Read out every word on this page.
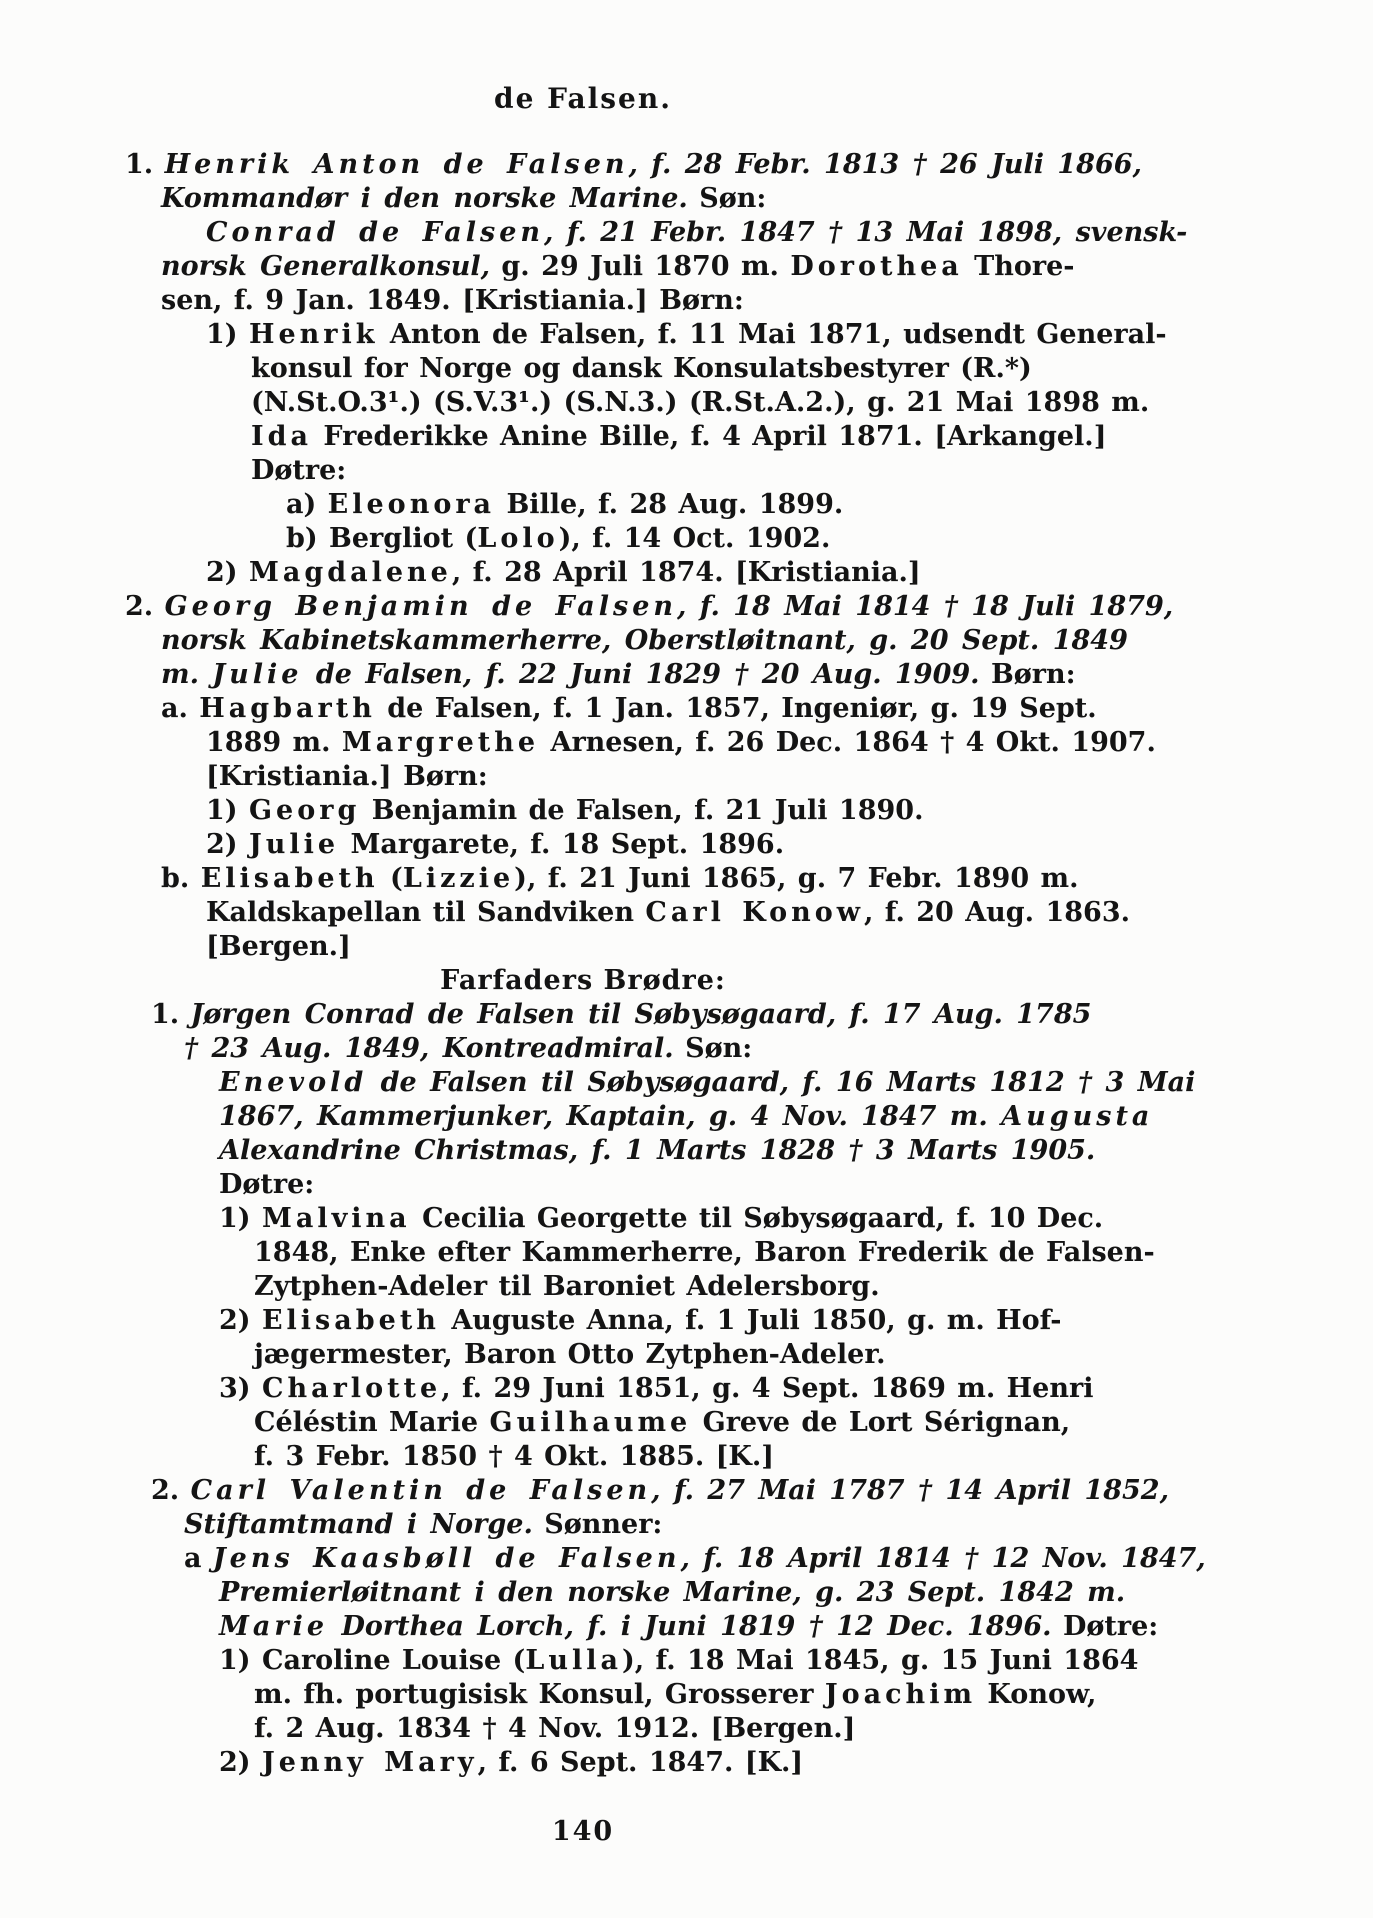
de Falsen.
1. Henrik Anton de Falsen, f. 28 Febr. 1813 † 26 Juli 1866,
Kommandør i den norske Marine. Søn:
Conrad de Falsen, f. 21 Febr. 1847 † 13 Mai 1898, svensk-
norsk Generalkonsul, g. 29 Juli 1870 m. Dorothea Thore-
sen, f. 9 Jan. 1849. [Kristiania.] Børn:
1) Henrik Anton de Falsen, f. 11 Mai 1871, udsendt General-
konsul for Norge og dansk Konsulatsbestyrer (R.*)
(N.St.O.3¹.) (S.V.3¹.) (S.N.3.) (R.St.A.2.), g. 21 Mai 1898 m.
Ida Frederikke Anine Bille, f. 4 April 1871. [Arkangel.]
Døtre:
a) Eleonora Bille, f. 28 Aug. 1899.
b) Bergliot (Lolo), f. 14 Oct. 1902.
2) Magdalene, f. 28 April 1874. [Kristiania.]
2. Georg Benjamin de Falsen, f. 18 Mai 1814 † 18 Juli 1879,
norsk Kabinetskammerherre, Oberstløitnant, g. 20 Sept. 1849
m. Julie de Falsen, f. 22 Juni 1829 † 20 Aug. 1909. Børn:
a. Hagbarth de Falsen, f. 1 Jan. 1857, Ingeniør, g. 19 Sept.
1889 m. Margrethe Arnesen, f. 26 Dec. 1864 † 4 Okt. 1907.
[Kristiania.] Børn:
1) Georg Benjamin de Falsen, f. 21 Juli 1890.
2) Julie Margarete, f. 18 Sept. 1896.
b. Elisabeth (Lizzie), f. 21 Juni 1865, g. 7 Febr. 1890 m.
Kaldskapellan til Sandviken Carl Konow, f. 20 Aug. 1863.
[Bergen.]
Farfaders Brødre:
1. Jørgen Conrad de Falsen til Søbysøgaard, f. 17 Aug. 1785
† 23 Aug. 1849, Kontreadmiral. Søn:
Enevold de Falsen til Søbysøgaard, f. 16 Marts 1812 † 3 Mai
1867, Kammerjunker, Kaptain, g. 4 Nov. 1847 m. Augusta
Alexandrine Christmas, f. 1 Marts 1828 † 3 Marts 1905.
Døtre:
1) Malvina Cecilia Georgette til Søbysøgaard, f. 10 Dec.
1848, Enke efter Kammerherre, Baron Frederik de Falsen-
Zytphen-Adeler til Baroniet Adelersborg.
2) Elisabeth Auguste Anna, f. 1 Juli 1850, g. m. Hof-
jægermester, Baron Otto Zytphen-Adeler.
3) Charlotte, f. 29 Juni 1851, g. 4 Sept. 1869 m. Henri
Céléstin Marie Guilhaume Greve de Lort Sérignan,
f. 3 Febr. 1850 † 4 Okt. 1885. [K.]
2. Carl Valentin de Falsen, f. 27 Mai 1787 † 14 April 1852,
Stiftamtmand i Norge. Sønner:
a Jens Kaasbøll de Falsen, f. 18 April 1814 † 12 Nov. 1847,
Premierløitnant i den norske Marine, g. 23 Sept. 1842 m.
Marie Dorthea Lorch, f. i Juni 1819 † 12 Dec. 1896. Døtre:
1) Caroline Louise (Lulla), f. 18 Mai 1845, g. 15 Juni 1864
m. fh. portugisisk Konsul, Grosserer Joachim Konow,
f. 2 Aug. 1834 † 4 Nov. 1912. [Bergen.]
2) Jenny Mary, f. 6 Sept. 1847. [K.]
140
